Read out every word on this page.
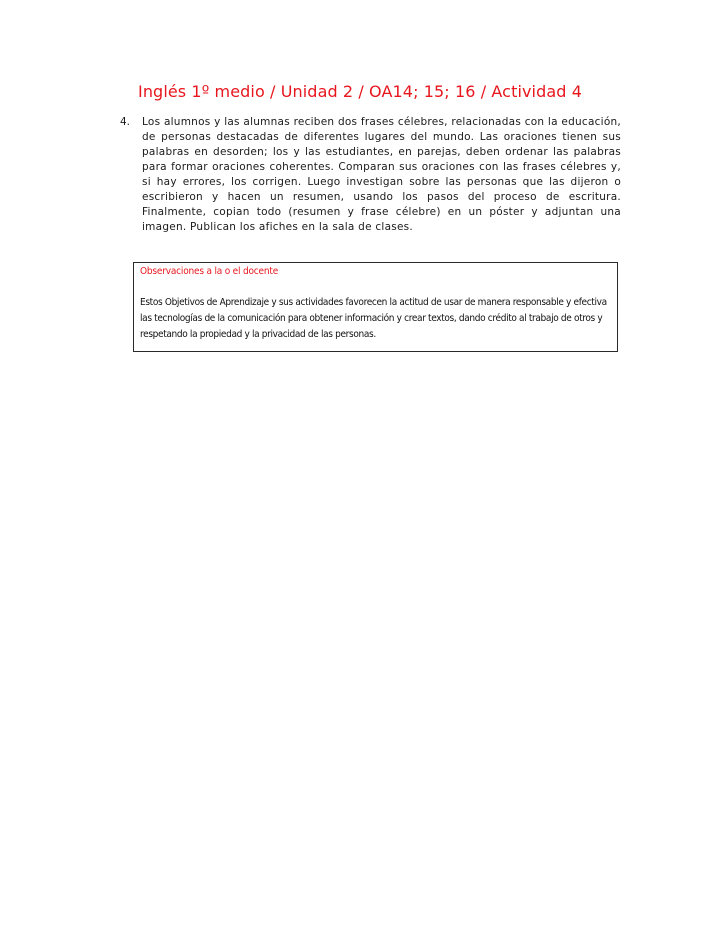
Inglés 1º medio / Unidad 2 / OA14; 15; 16 / Actividad 4
4.	Los alumnos y las alumnas reciben dos frases célebres, relacionadas con la educación, de personas destacadas de diferentes lugares del mundo. Las oraciones tienen sus palabras en desorden; los y las estudiantes, en parejas, deben ordenar las palabras para formar oraciones coherentes. Comparan sus oraciones con las frases célebres y, si hay errores, los corrigen. Luego investigan sobre las personas que las dijeron o escribieron y hacen un resumen, usando los pasos del proceso de escritura. Finalmente, copian todo (resumen y frase célebre) en un póster y adjuntan una imagen. Publican los afiches en la sala de clases.
Observaciones a la o el docente
Estos Objetivos de Aprendizaje y sus actividades favorecen la actitud de usar de manera responsable y efectiva las tecnologías de la comunicación para obtener información y crear textos, dando crédito al trabajo de otros y respetando la propiedad y la privacidad de las personas.
